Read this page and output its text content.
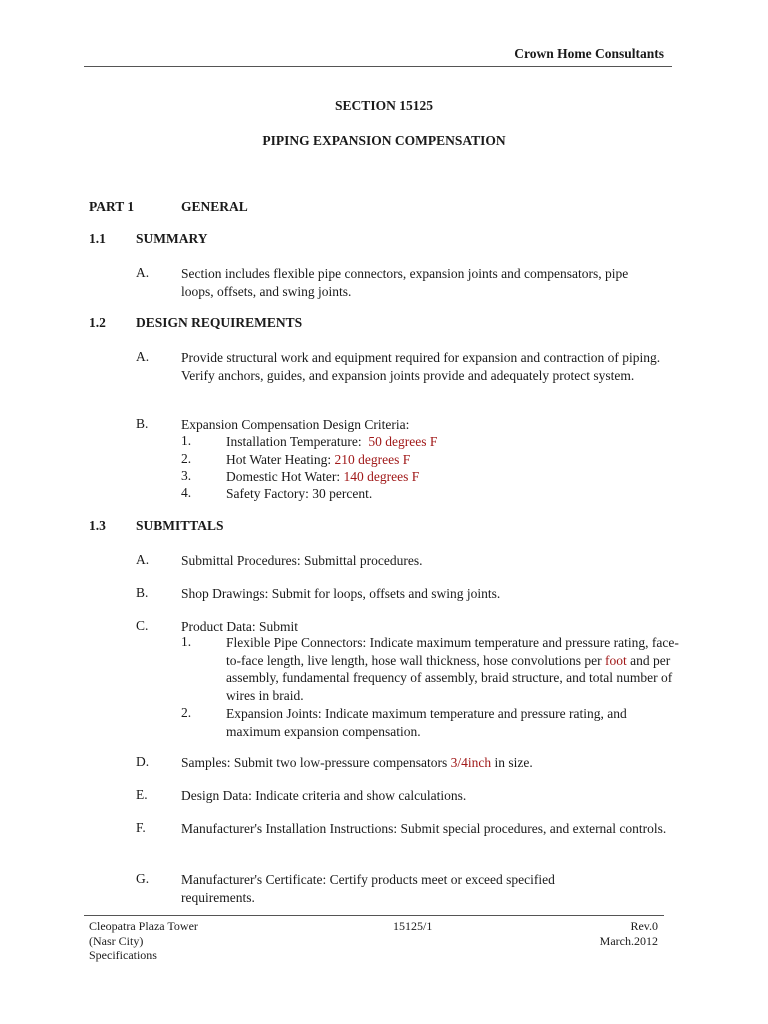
Crown Home Consultants
SECTION 15125
PIPING EXPANSION COMPENSATION
PART 1	GENERAL
1.1 SUMMARY
A. Section includes flexible pipe connectors, expansion joints and compensators, pipe loops, offsets, and swing joints.
1.2 DESIGN REQUIREMENTS
A. Provide structural work and equipment required for expansion and contraction of piping. Verify anchors, guides, and expansion joints provide and adequately protect system.
B. Expansion Compensation Design Criteria:
1.	Installation Temperature:  50 degrees F
2.	Hot Water Heating: 210 degrees F
3.	Domestic Hot Water: 140 degrees F
4.	Safety Factory: 30 percent.
1.3 SUBMITTALS
A. Submittal Procedures: Submittal procedures.
B. Shop Drawings: Submit for loops, offsets and swing joints.
C. Product Data: Submit
1.	Flexible Pipe Connectors: Indicate maximum temperature and pressure rating, face-to-face length, live length, hose wall thickness, hose convolutions per foot and per assembly, fundamental frequency of assembly, braid structure, and total number of wires in braid.
2.	Expansion Joints: Indicate maximum temperature and pressure rating, and maximum expansion compensation.
D. Samples: Submit two low-pressure compensators 3/4inch in size.
E. Design Data: Indicate criteria and show calculations.
F.	Manufacturer's Installation Instructions: Submit special procedures, and external controls.
G. Manufacturer's Certificate: Certify products meet or exceed specified requirements.
Cleopatra Plaza Tower
(Nasr City)
Specifications
15125/1	Rev.0
March.2012
